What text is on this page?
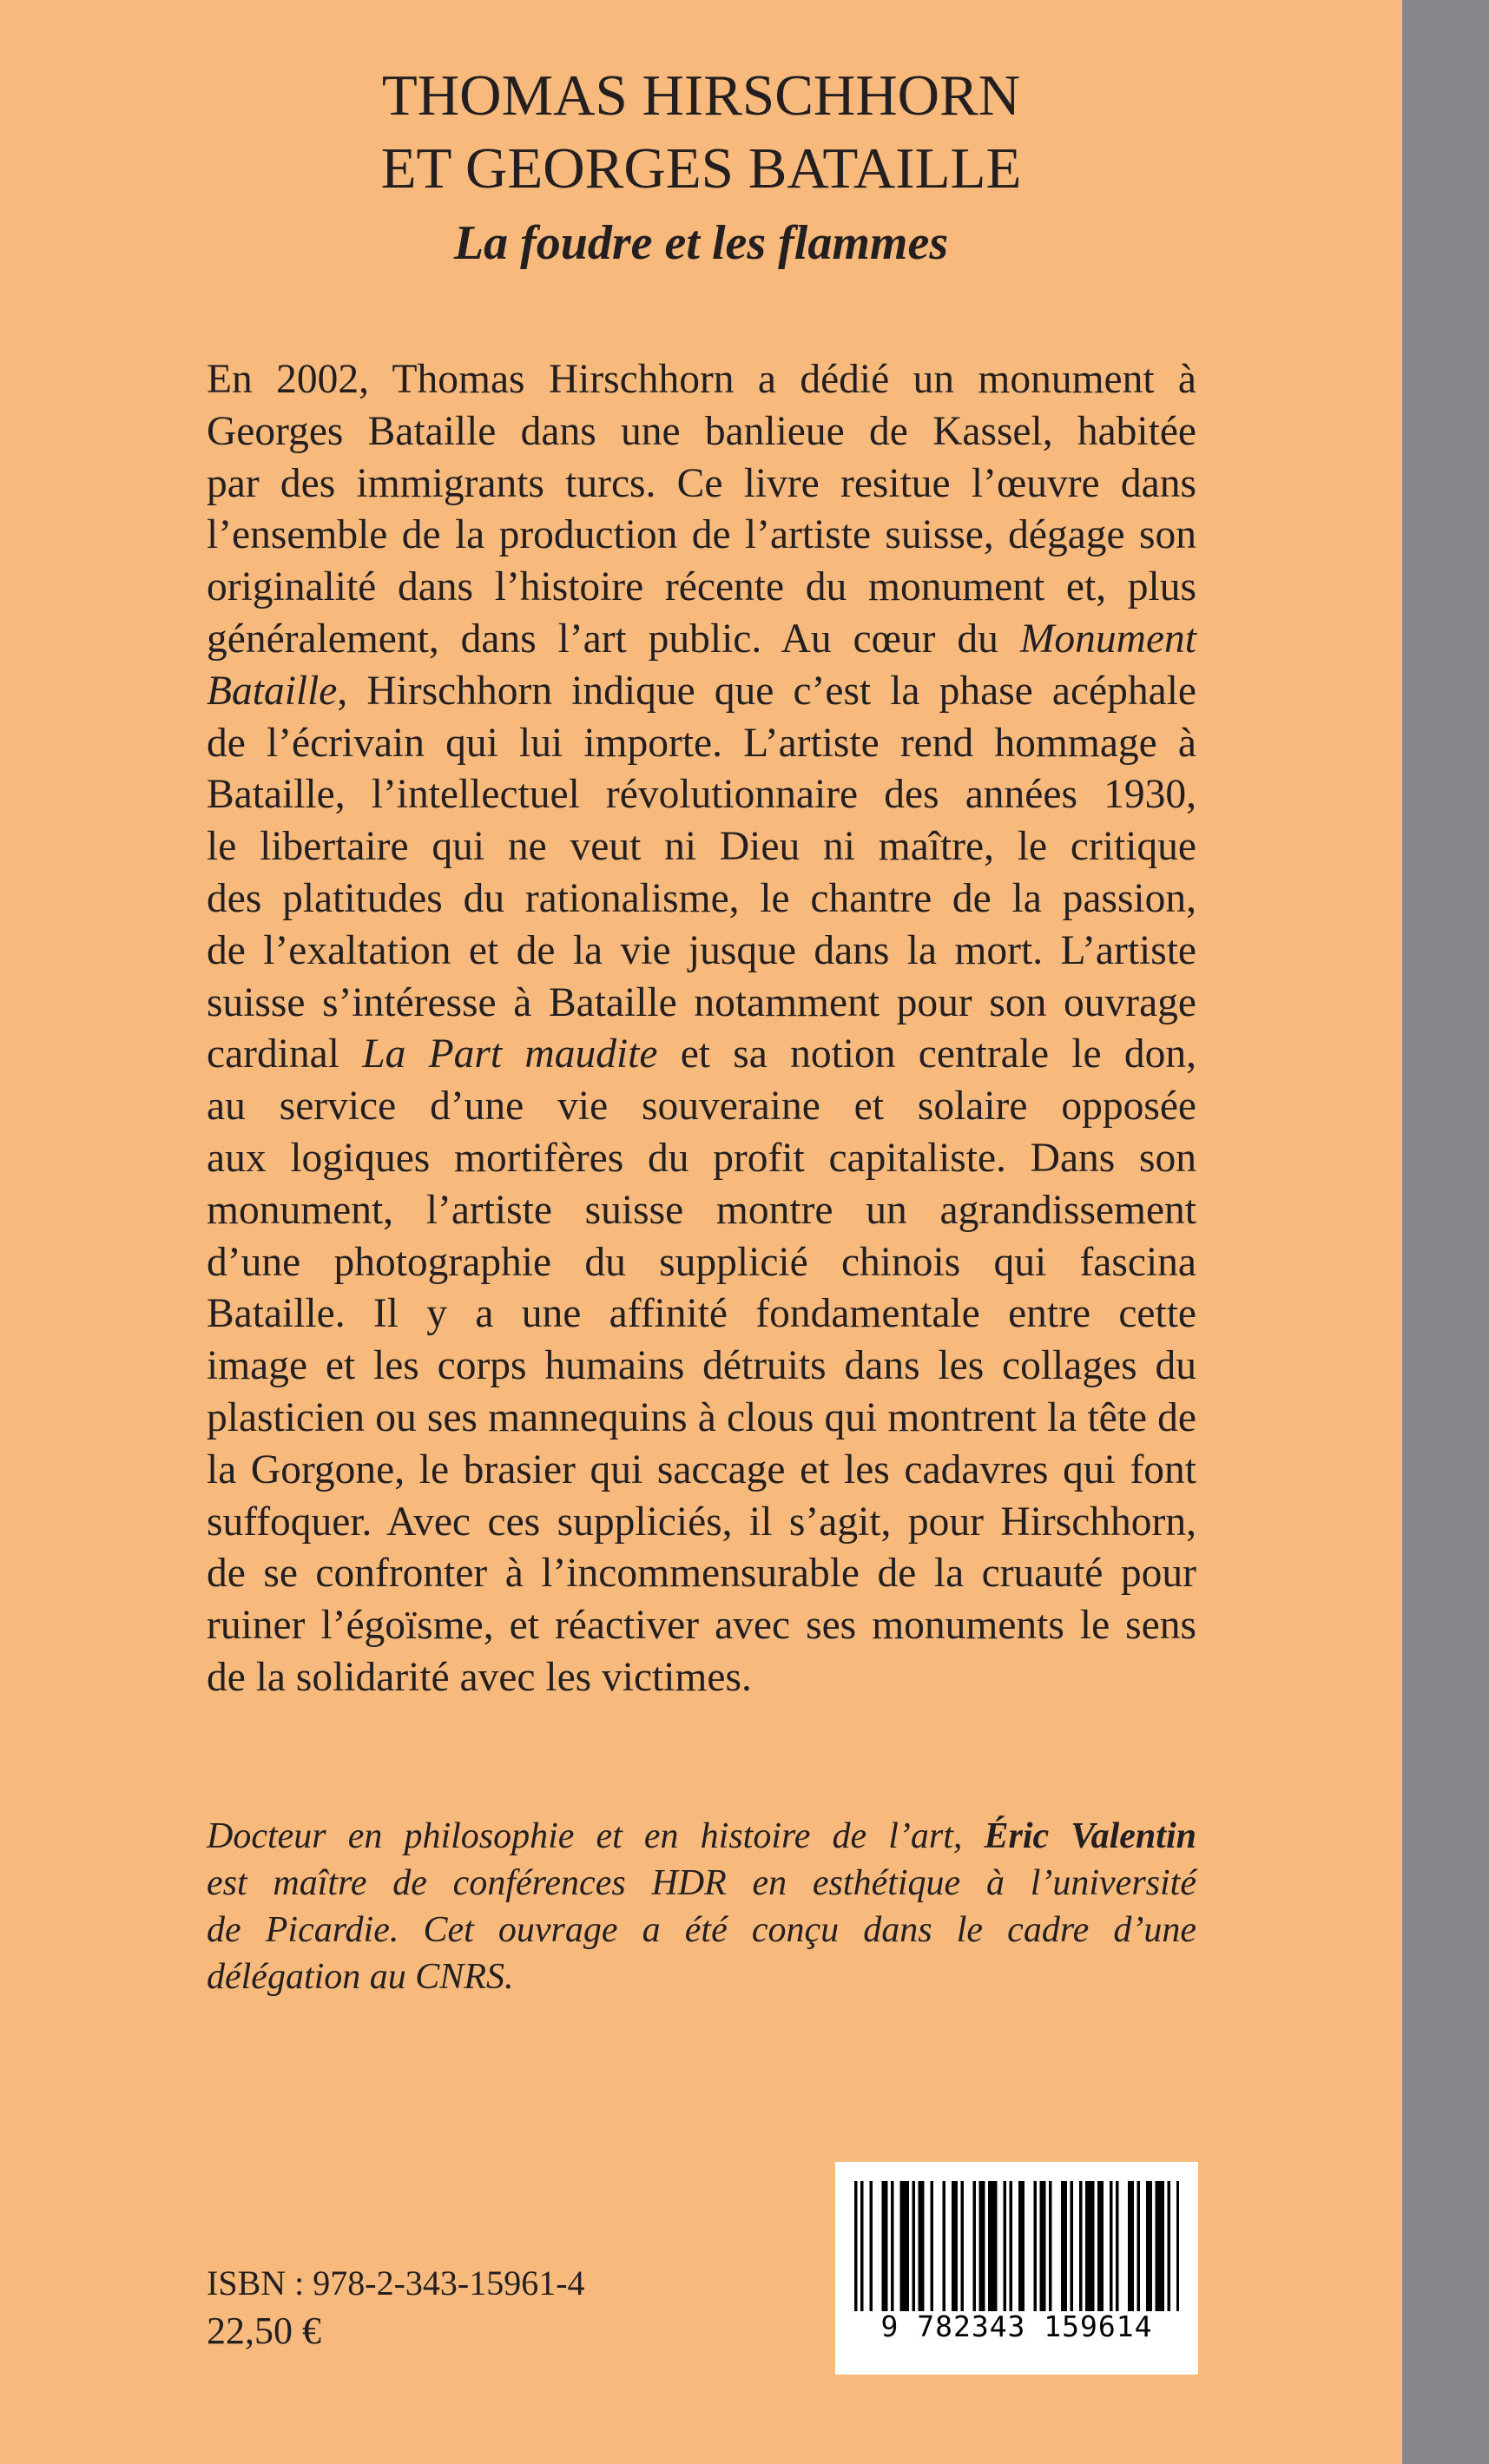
THOMAS HIRSCHHORN
ET GEORGES BATAILLE
La foudre et les flammes
En 2002, Thomas Hirschhorn a dédié un monument à
Georges Bataille dans une banlieue de Kassel, habitée
par des immigrants turcs. Ce livre resitue l’œuvre dans
l’ensemble de la production de l’artiste suisse, dégage son
originalité dans l’histoire récente du monument et, plus
généralement, dans l’art public. Au cœur du Monument
Bataille, Hirschhorn indique que c’est la phase acéphale
de l’écrivain qui lui importe. L’artiste rend hommage à
Bataille, l’intellectuel révolutionnaire des années 1930,
le libertaire qui ne veut ni Dieu ni maître, le critique
des platitudes du rationalisme, le chantre de la passion,
de l’exaltation et de la vie jusque dans la mort. L’artiste
suisse s’intéresse à Bataille notamment pour son ouvrage
cardinal La Part maudite et sa notion centrale le don,
au service d’une vie souveraine et solaire opposée
aux logiques mortifères du profit capitaliste. Dans son
monument, l’artiste suisse montre un agrandissement
d’une photographie du supplicié chinois qui fascina
Bataille. Il y a une affinité fondamentale entre cette
image et les corps humains détruits dans les collages du
plasticien ou ses mannequins à clous qui montrent la tête de
la Gorgone, le brasier qui saccage et les cadavres qui font
suffoquer. Avec ces suppliciés, il s’agit, pour Hirschhorn,
de se confronter à l’incommensurable de la cruauté pour
ruiner l’égoïsme, et réactiver avec ses monuments le sens
de la solidarité avec les victimes.
Docteur en philosophie et en histoire de l’art, Éric Valentin
est maître de conférences HDR en esthétique à l’université
de Picardie. Cet ouvrage a été conçu dans le cadre d’une
délégation au CNRS.
ISBN : 978-2-343-15961-4
22,50 €	9 782343 159614
